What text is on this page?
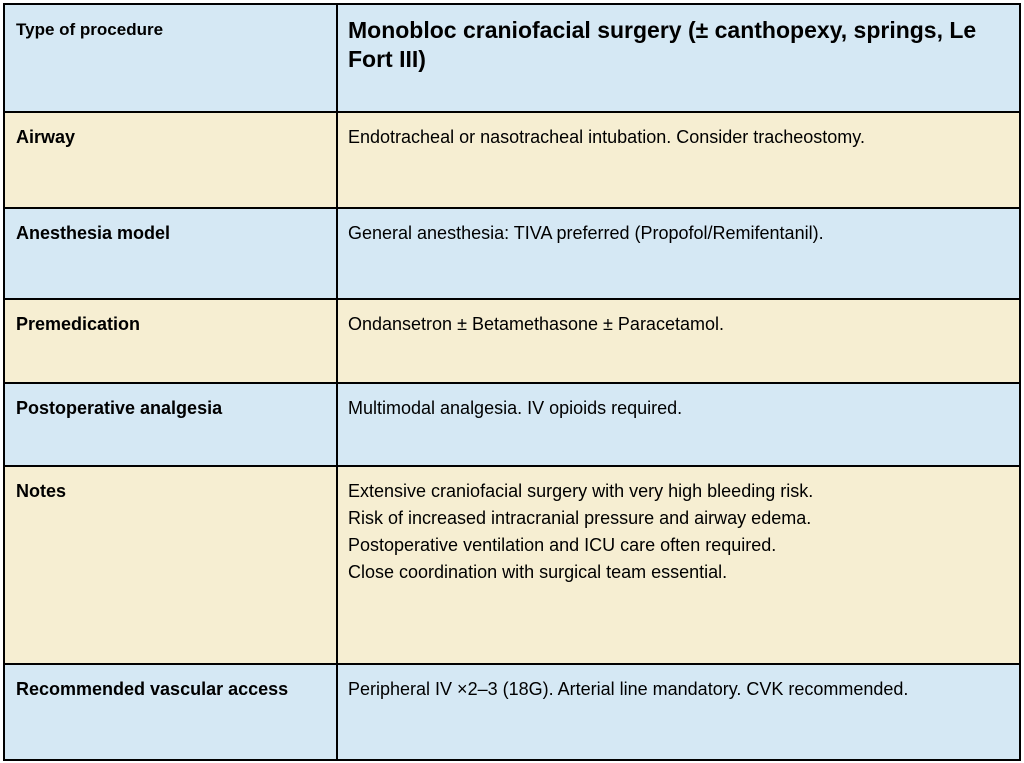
Type of procedure	Monobloc craniofacial surgery (± canthopexy, springs, Le Fort III)
Airway	Endotracheal or nasotracheal intubation. Consider tracheostomy.
Anesthesia model	General anesthesia: TIVA preferred (Propofol/Remifentanil).
Premedication	Ondansetron ± Betamethasone ± Paracetamol.
Postoperative analgesia	Multimodal analgesia. IV opioids required.
Notes	Extensive craniofacial surgery with very high bleeding risk.
Risk of increased intracranial pressure and airway edema.
Postoperative ventilation and ICU care often required.
Close coordination with surgical team essential.

Recommended vascular access	Peripheral IV ×2–3 (18G). Arterial line mandatory. CVK recommended.
